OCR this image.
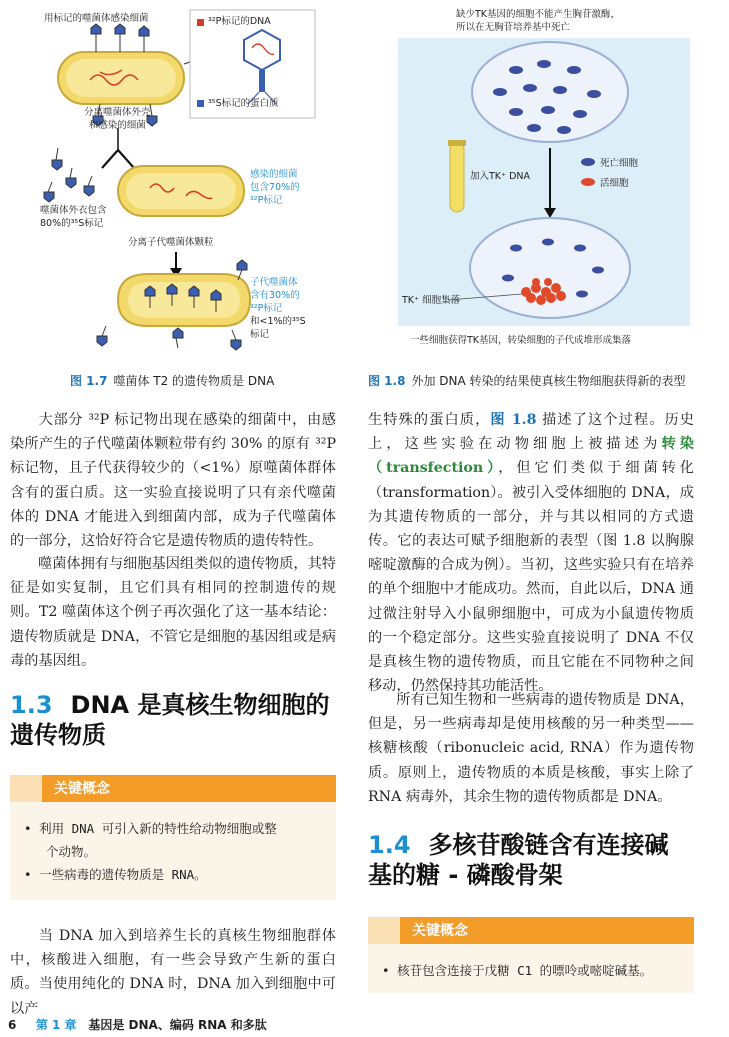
用标记的噬菌体感染细菌	³²P标记的DNA
³⁵S标记的蛋白质
分离噬菌体外壳
和感染的细菌
噬菌体外衣包含
80%的³⁵S标记
感染的细菌
包含70%的
³²P标记
分离子代噬菌体颗粒
子代噬菌体
含有30%的
³²P标记
和<1%的³⁵S
标记
图 1.7 噬菌体 T2 的遗传物质是 DNA
缺少TK基因的细胞不能产生胸苷激酶，
所以在无胸苷培养基中死亡
加入TK⁺ DNA
死亡细胞
活细胞
TK⁺ 细胞集落
一些细胞获得TK基因，转染细胞的子代成堆形成集落
图 1.8 外加 DNA 转染的结果使真核生物细胞获得新的表型

大部分 ³²P 标记物出现在感染的细菌中，由感染所产生的子代噬菌体颗粒带有约 30% 的原有 ³²P 标记物，且子代获得较少的（<1%）原噬菌体群体含有的蛋白质。这一实验直接说明了只有亲代噬菌体的 DNA 才能进入到细菌内部，成为子代噬菌体的一部分，这恰好符合它是遗传物质的遗传特性。

噬菌体拥有与细胞基因组类似的遗传物质，其特征是如实复制，且它们具有相同的控制遗传的规则。T2 噬菌体这个例子再次强化了这一基本结论：遗传物质就是 DNA，不管它是细胞的基因组或是病毒的基因组。

1.3 DNA 是真核生物细胞的
遗传物质
关键概念
• 利用 DNA 可引入新的特性给动物细胞或整
个动物。
• 一些病毒的遗传物质是 RNA。

当 DNA 加入到培养生长的真核生物细胞群体中，核酸进入细胞，有一些会导致产生新的蛋白质。当使用纯化的 DNA 时，DNA 加入到细胞中可以产

生特殊的蛋白质，图 1.8 描述了这个过程。历史上，这些实验在动物细胞上被描述为转染（transfection），但它们类似于细菌转化（transformation）。被引入受体细胞的 DNA，成为其遗传物质的一部分，并与其以相同的方式遗传。它的表达可赋予细胞新的表型（图 1.8 以胸腺嘧啶激酶的合成为例）。当初，这些实验只有在培养的单个细胞中才能成功。然而，自此以后，DNA 通过微注射导入小鼠卵细胞中，可成为小鼠遗传物质的一个稳定部分。这些实验直接说明了 DNA 不仅是真核生物的遗传物质，而且它能在不同物种之间移动，仍然保持其功能活性。

所有已知生物和一些病毒的遗传物质是 DNA，但是，另一些病毒却是使用核酸的另一种类型——核糖核酸（ribonucleic acid, RNA）作为遗传物质。原则上，遗传物质的本质是核酸，事实上除了 RNA 病毒外，其余生物的遗传物质都是 DNA。

1.4 多核苷酸链含有连接碱
基的糖 - 磷酸骨架
关键概念
• 核苷包含连接于戊糖 C1 的嘌呤或嘧啶碱基。
6 第 1 章 基因是 DNA、编码 RNA 和多肽
